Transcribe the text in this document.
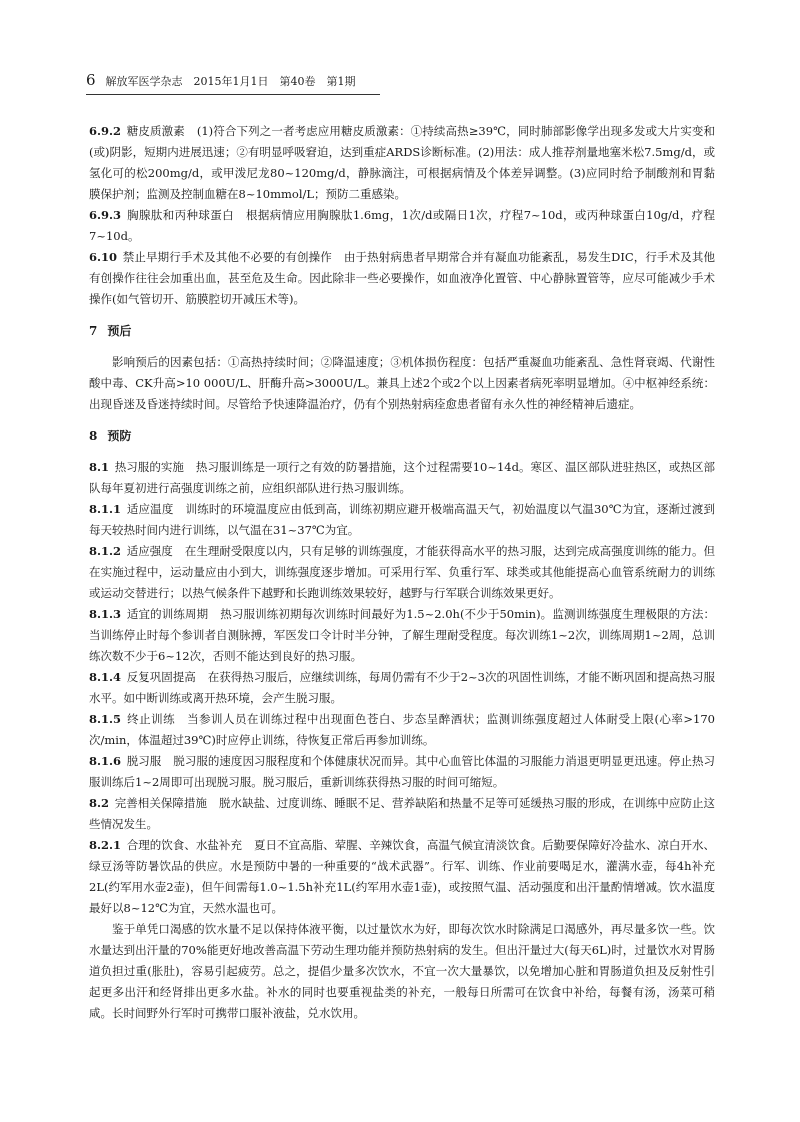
6 解放军医学杂志　2015年1月1日　第40卷　第1期

6.9.2 糖皮质激素 (1)符合下列之一者考虑应用糖皮质激素：①持续高热≥39℃，同时肺部影像学出现多发或大片实变和(或)阴影，短期内进展迅速；②有明显呼吸窘迫，达到重症ARDS诊断标准。(2)用法：成人推荐剂量地塞米松7.5mg/d，或氢化可的松200mg/d，或甲泼尼龙80~120mg/d，静脉滴注，可根据病情及个体差异调整。(3)应同时给予制酸剂和胃黏膜保护剂；监测及控制血糖在8~10mmol/L；预防二重感染。

6.9.3 胸腺肽和丙种球蛋白 根据病情应用胸腺肽1.6mg，1次/d或隔日1次，疗程7~10d，或丙种球蛋白10g/d，疗程7~10d。

6.10 禁止早期行手术及其他不必要的有创操作 由于热射病患者早期常合并有凝血功能紊乱，易发生DIC，行手术及其他有创操作往往会加重出血，甚至危及生命。因此除非一些必要操作，如血液净化置管、中心静脉置管等，应尽可能减少手术操作(如气管切开、筋膜腔切开减压术等)。

7 预后

影响预后的因素包括：①高热持续时间；②降温速度；③机体损伤程度：包括严重凝血功能紊乱、急性肾衰竭、代谢性酸中毒、CK升高>10 000U/L、肝酶升高>3000U/L。兼具上述2个或2个以上因素者病死率明显增加。④中枢神经系统：出现昏迷及昏迷持续时间。尽管给予快速降温治疗，仍有个别热射病痊愈患者留有永久性的神经精神后遗症。

8 预防

8.1 热习服的实施 热习服训练是一项行之有效的防暑措施，这个过程需要10~14d。寒区、温区部队进驻热区，或热区部队每年夏初进行高强度训练之前，应组织部队进行热习服训练。

8.1.1 适应温度 训练时的环境温度应由低到高，训练初期应避开极端高温天气，初始温度以气温30℃为宜，逐渐过渡到每天较热时间内进行训练，以气温在31~37℃为宜。

8.1.2 适应强度 在生理耐受限度以内，只有足够的训练强度，才能获得高水平的热习服，达到完成高强度训练的能力。但在实施过程中，运动量应由小到大，训练强度逐步增加。可采用行军、负重行军、球类或其他能提高心血管系统耐力的训练或运动交替进行；以热气候条件下越野和长跑训练效果较好，越野与行军联合训练效果更好。

8.1.3 适宜的训练周期 热习服训练初期每次训练时间最好为1.5~2.0h(不少于50min)。监测训练强度生理极限的方法：当训练停止时每个参训者自测脉搏，军医发口令计时半分钟，了解生理耐受程度。每次训练1~2次，训练周期1~2周，总训练次数不少于6~12次，否则不能达到良好的热习服。

8.1.4 反复巩固提高 在获得热习服后，应继续训练，每周仍需有不少于2~3次的巩固性训练，才能不断巩固和提高热习服水平。如中断训练或离开热环境，会产生脱习服。

8.1.5 终止训练 当参训人员在训练过程中出现面色苍白、步态呈醉酒状；监测训练强度超过人体耐受上限(心率>170次/min，体温超过39℃)时应停止训练，待恢复正常后再参加训练。

8.1.6 脱习服 脱习服的速度因习服程度和个体健康状况而异。其中心血管比体温的习服能力消退更明显更迅速。停止热习服训练后1~2周即可出现脱习服。脱习服后，重新训练获得热习服的时间可缩短。

8.2 完善相关保障措施 脱水缺盐、过度训练、睡眠不足、营养缺陷和热量不足等可延缓热习服的形成，在训练中应防止这些情况发生。

8.2.1 合理的饮食、水盐补充 夏日不宜高脂、荤腥、辛辣饮食，高温气候宜清淡饮食。后勤要保障好冷盐水、凉白开水、绿豆汤等防暑饮品的供应。水是预防中暑的一种重要的“战术武器”。行军、训练、作业前要喝足水，灌满水壶，每4h补充2L(约军用水壶2壶)，但午间需每1.0~1.5h补充1L(约军用水壶1壶)，或按照气温、活动强度和出汗量酌情增减。饮水温度最好以8~12℃为宜，天然水温也可。

鉴于单凭口渴感的饮水量不足以保持体液平衡，以过量饮水为好，即每次饮水时除满足口渴感外，再尽量多饮一些。饮水量达到出汗量的70%能更好地改善高温下劳动生理功能并预防热射病的发生。但出汗量过大(每天6L)时，过量饮水对胃肠道负担过重(胀肚)，容易引起疲劳。总之，提倡少量多次饮水，不宜一次大量暴饮，以免增加心脏和胃肠道负担及反射性引起更多出汗和经肾排出更多水盐。补水的同时也要重视盐类的补充，一般每日所需可在饮食中补给，每餐有汤，汤菜可稍咸。长时间野外行军时可携带口服补液盐，兑水饮用。
